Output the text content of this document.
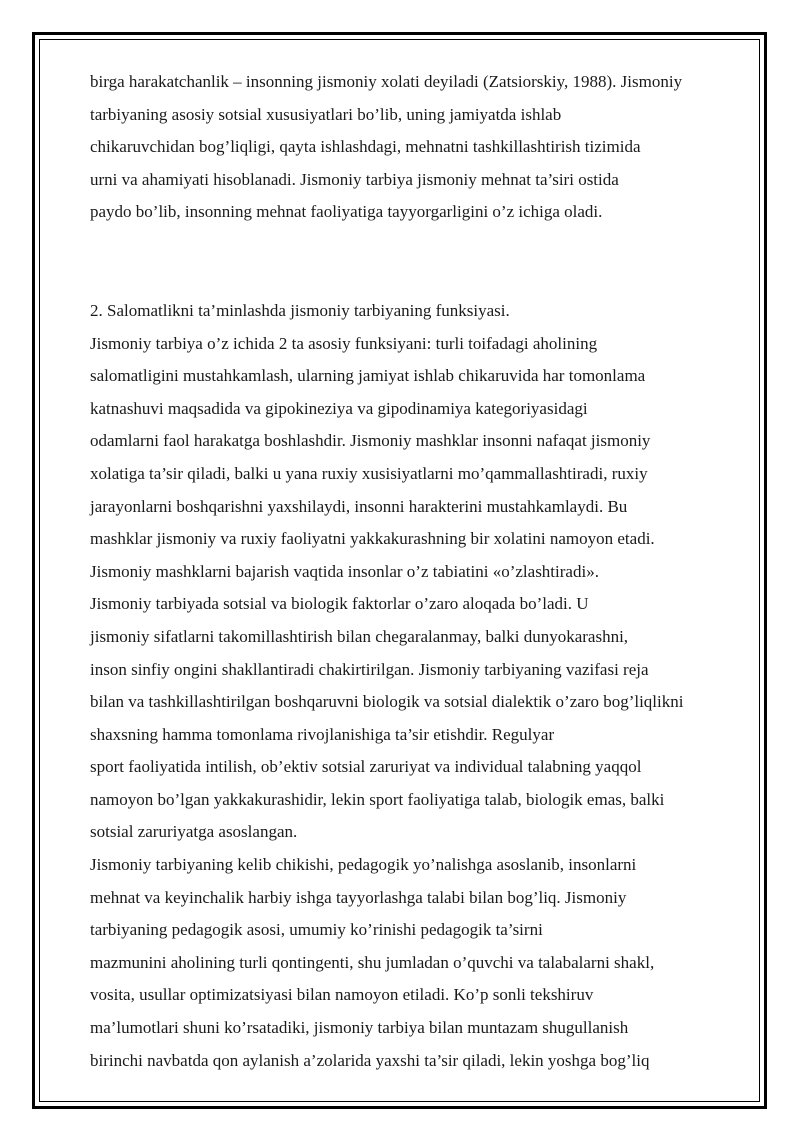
birga harakatchanlik – insonning jismoniy xolati deyiladi (Zatsiorskiy, 1988). Jismoniy
tarbiyaning asosiy sotsial xususiyatlari bo’lib, uning jamiyatda ishlab
chikaruvchidan bog’liqligi, qayta ishlashdagi, mehnatni tashkillashtirish tizimida
urni va ahamiyati hisoblanadi. Jismoniy tarbiya jismoniy mehnat ta’siri ostida
paydo bo’lib, insonning mehnat faoliyatiga tayyorgarligini o’z ichiga oladi.
2. Salomatlikni ta’minlashda jismoniy tarbiyaning funksiyasi.
Jismoniy tarbiya o’z ichida 2 ta asosiy funksiyani: turli toifadagi aholining
salomatligini mustahkamlash, ularning jamiyat ishlab chikaruvida har tomonlama
katnashuvi maqsadida va gipokineziya va gipodinamiya kategoriyasidagi
odamlarni faol harakatga boshlashdir. Jismoniy mashklar insonni nafaqat jismoniy
xolatiga ta’sir qiladi, balki u yana ruxiy xusisiyatlarni mo’qammallashtiradi, ruxiy
jarayonlarni boshqarishni yaxshilaydi, insonni harakterini mustahkamlaydi. Bu
mashklar jismoniy va ruxiy faoliyatni yakkakurashning bir xolatini namoyon etadi.
Jismoniy mashklarni bajarish vaqtida insonlar o’z tabiatini «o’zlashtiradi».
Jismoniy tarbiyada sotsial va biologik faktorlar o’zaro aloqada bo’ladi. U
jismoniy sifatlarni takomillashtirish bilan chegaralanmay, balki dunyokarashni,
inson sinfiy ongini shakllantiradi chakirtirilgan. Jismoniy tarbiyaning vazifasi reja
bilan va tashkillashtirilgan boshqaruvni biologik va sotsial dialektik o’zaro bog’liqlikni
shaxsning hamma tomonlama rivojlanishiga ta’sir etishdir. Regulyar
sport faoliyatida intilish, ob’ektiv sotsial zaruriyat va individual talabning yaqqol
namoyon bo’lgan yakkakurashidir, lekin sport faoliyatiga talab, biologik emas, balki
sotsial zaruriyatga asoslangan.
Jismoniy tarbiyaning kelib chikishi, pedagogik yo’nalishga asoslanib, insonlarni
mehnat va keyinchalik harbiy ishga tayyorlashga talabi bilan bog’liq. Jismoniy
tarbiyaning pedagogik asosi, umumiy ko’rinishi pedagogik ta’sirni
mazmunini aholining turli qontingenti, shu jumladan o’quvchi va talabalarni shakl,
vosita, usullar optimizatsiyasi bilan namoyon etiladi. Ko’p sonli tekshiruv
ma’lumotlari shuni ko’rsatadiki, jismoniy tarbiya bilan muntazam shugullanish
birinchi navbatda qon aylanish a’zolarida yaxshi ta’sir qiladi, lekin yoshga bog’liq
